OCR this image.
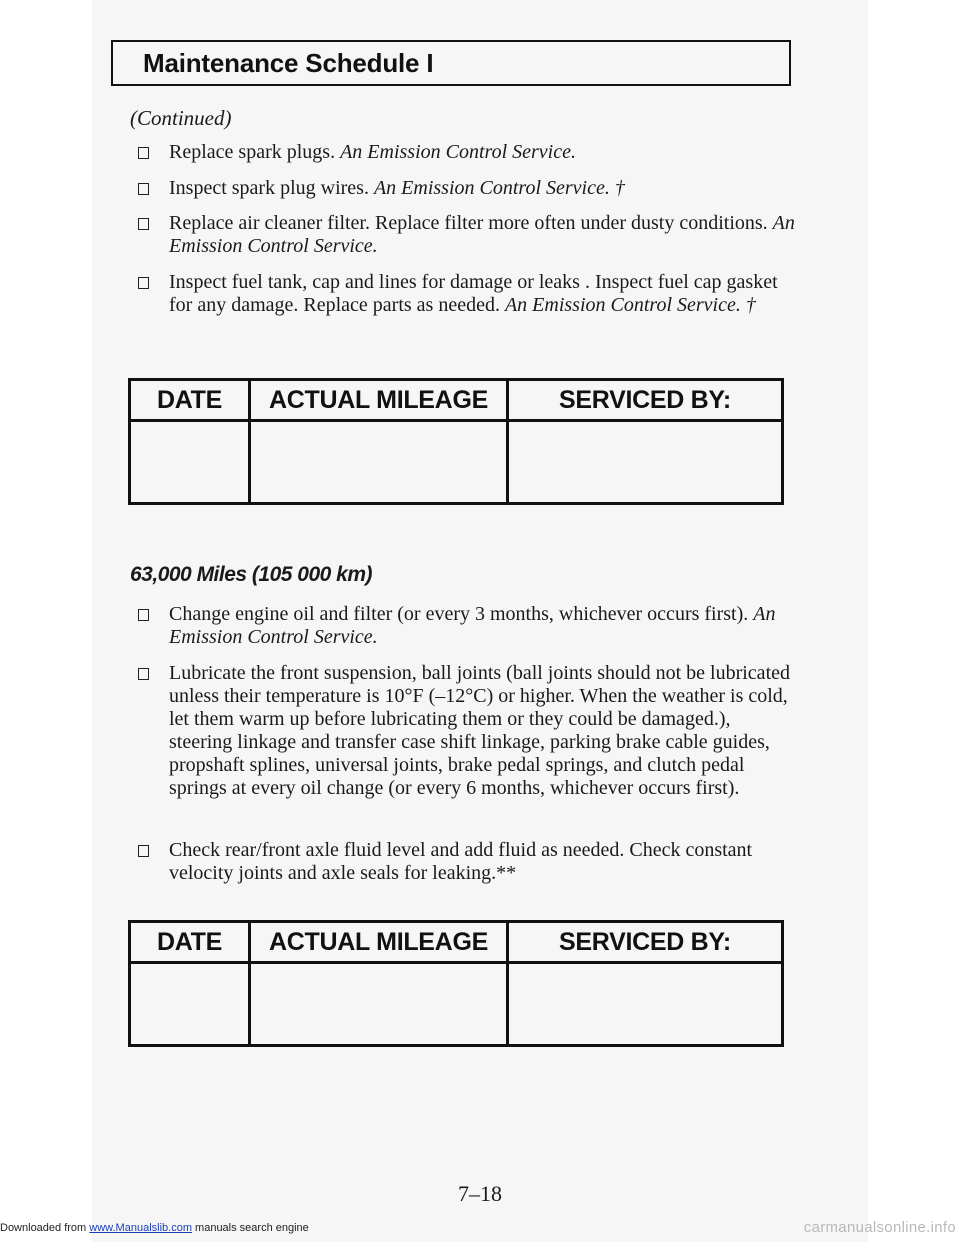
Maintenance Schedule I
(Continued)
Replace spark plugs. An Emission Control Service.
Inspect spark plug wires. An Emission Control Service. †
Replace air cleaner filter. Replace filter more often under dusty conditions. An Emission Control Service.
Inspect fuel tank, cap and lines for damage or leaks . Inspect fuel cap gasket for any damage. Replace parts as needed. An Emission Control Service. †
DATE	ACTUAL MILEAGE	SERVICED BY:

63,000 Miles (105 000 km)
Change engine oil and filter (or every 3 months, whichever occurs first). An Emission Control Service.
Lubricate the front suspension, ball joints (ball joints should not be lubricated unless their temperature is 10°F (–12°C) or higher. When the weather is cold, let them warm up before lubricating them or they could be damaged.), steering linkage and transfer case shift linkage, parking brake cable guides, propshaft splines, universal joints, brake pedal springs, and clutch pedal springs at every oil change (or every 6 months, whichever occurs first).
Check rear/front axle fluid level and add fluid as needed. Check constant velocity joints and axle seals for leaking.**
DATE	ACTUAL MILEAGE	SERVICED BY:

7–18
Downloaded from www.Manualslib.com manuals search engine	carmanualsonline.info
